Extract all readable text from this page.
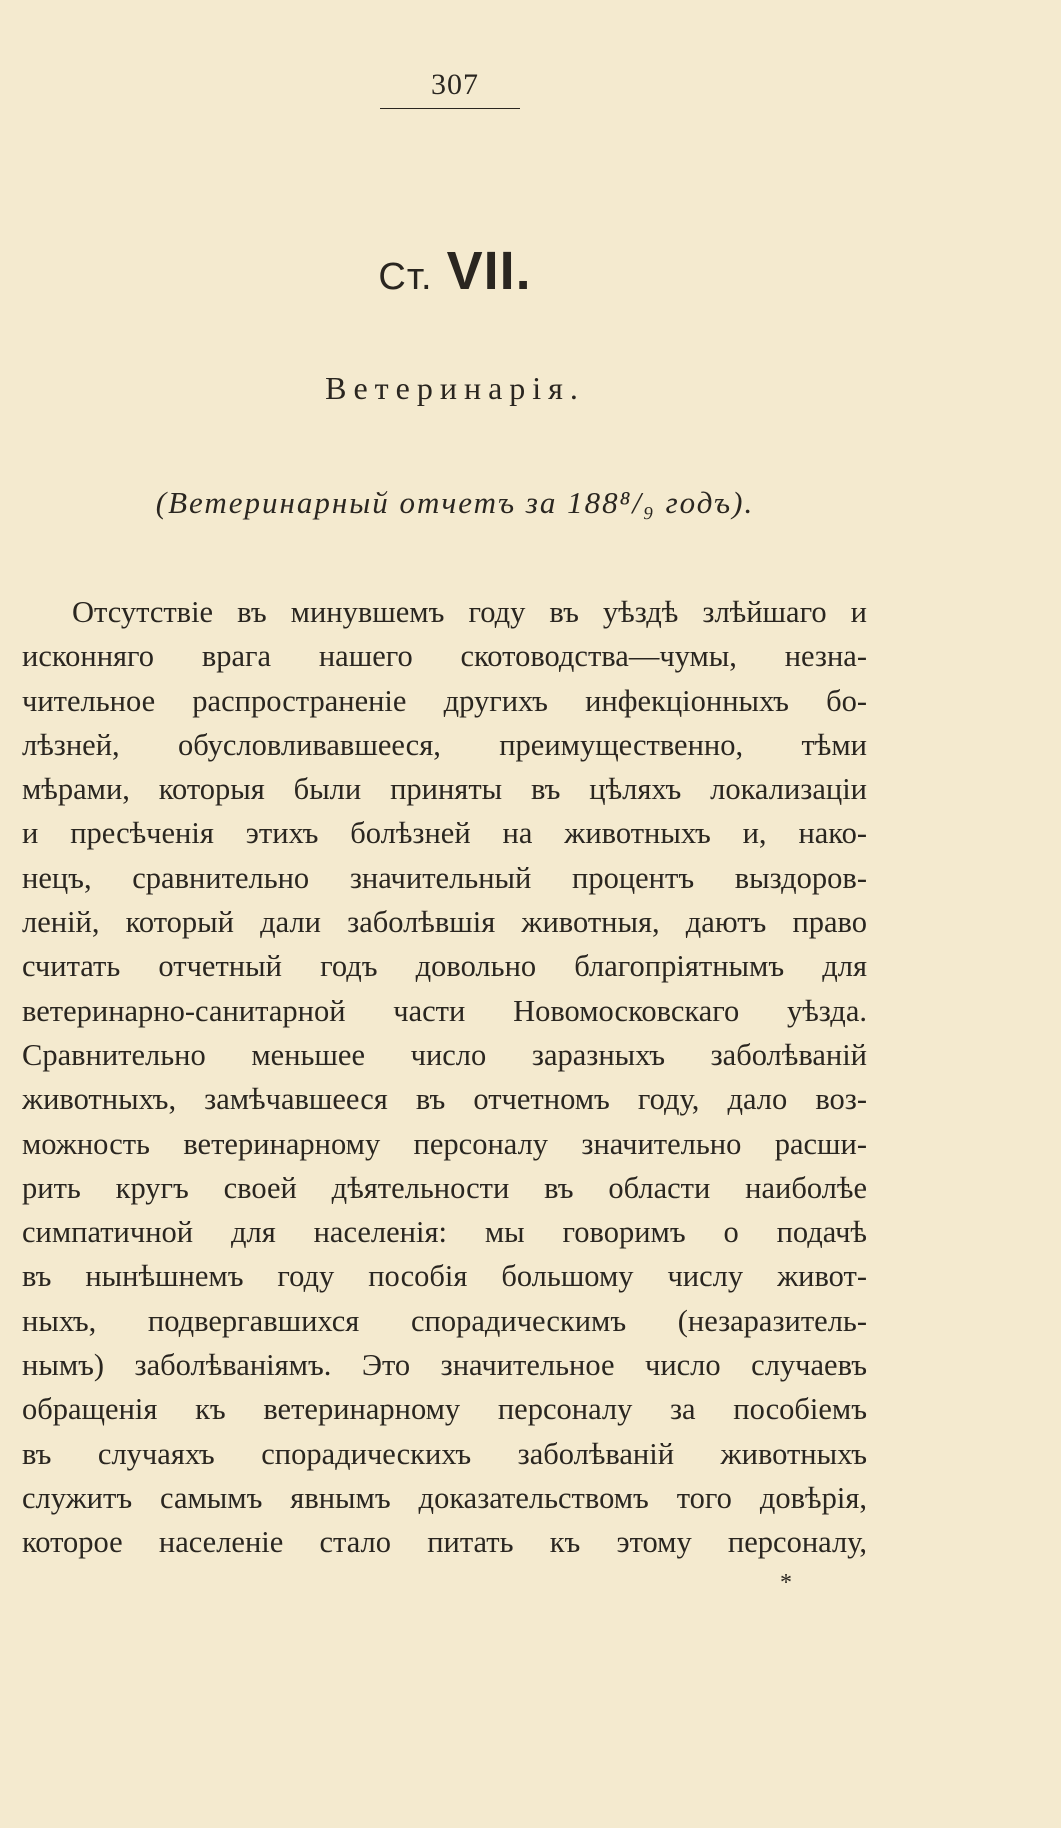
307
Ст. VII.
Ветеринарія.
(Ветеринарный отчетъ за 188⁸/₉ годъ).
Отсутствіе въ минувшемъ году въ уѣздѣ злѣйшаго и
исконняго врага нашего скотоводства—чумы, незна-
чительное распространеніе другихъ инфекціонныхъ бо-
лѣзней, обусловливавшееся, преимущественно, тѣми
мѣрами, которыя были приняты въ цѣляхъ локализаціи
и пресѣченія этихъ болѣзней на животныхъ и, нако-
нецъ, сравнительно значительный процентъ выздоров-
леній, который дали заболѣвшія животныя, даютъ право
считать отчетный годъ довольно благопріятнымъ для
ветеринарно-санитарной части Новомосковскаго уѣзда.
Сравнительно меньшее число заразныхъ заболѣваній
животныхъ, замѣчавшееся въ отчетномъ году, дало воз-
можность ветеринарному персоналу значительно расши-
рить кругъ своей дѣятельности въ области наиболѣе
симпатичной для населенія: мы говоримъ о подачѣ
въ нынѣшнемъ году пособія большому числу живот-
ныхъ, подвергавшихся спорадическимъ (незаразитель-
нымъ) заболѣваніямъ. Это значительное число случаевъ
обращенія къ ветеринарному персоналу за пособіемъ
въ случаяхъ спорадическихъ заболѣваній животныхъ
служитъ самымъ явнымъ доказательствомъ того довѣрія,
которое населеніе стало питать къ этому персоналу,
*
